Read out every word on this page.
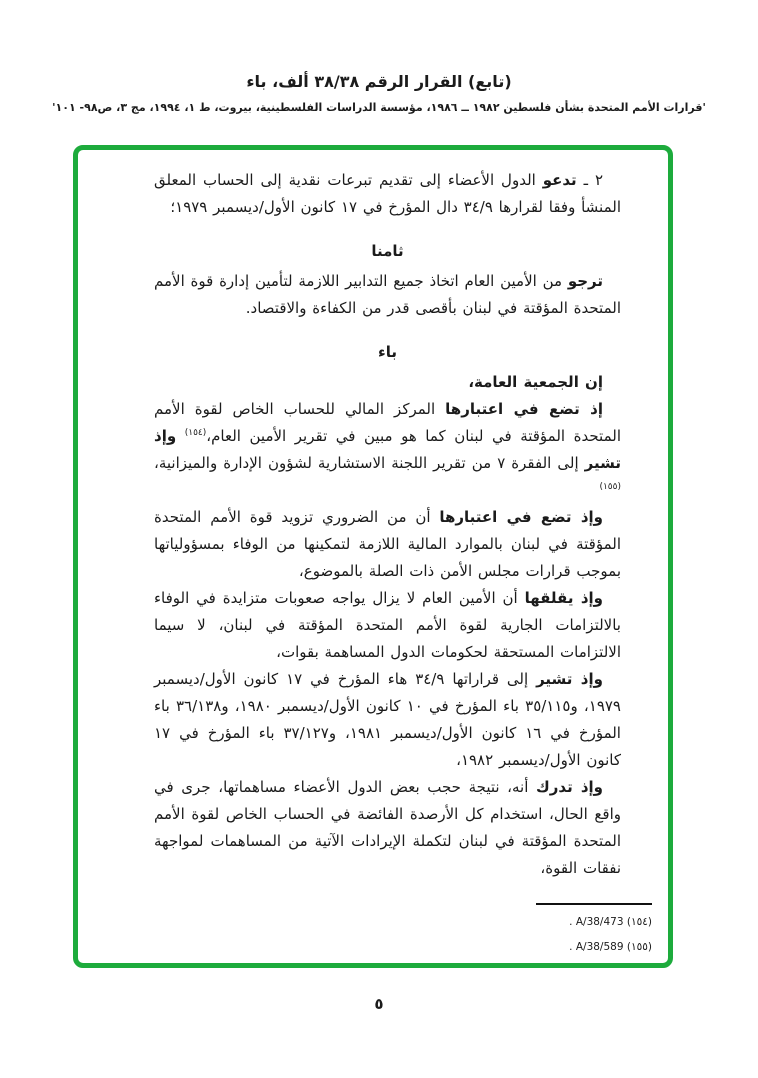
(تابع) القرار الرقم ٣٨/٣٨ ألف، باء
'قرارات الأمم المتحدة بشأن فلسطين ١٩٨٢ ــ ١٩٨٦، مؤسسة الدراسات الفلسطينية، بيروت، ط ١، ١٩٩٤، مج ٣، ص٩٨- ١٠١'

٢ ـ تدعو الدول الأعضاء إلى تقديم تبرعات نقدية إلى الحساب المعلق المنشأ وفقا لقرارها ٣٤/٩ دال المؤرخ في ١٧ كانون الأول/ديسمبر ١٩٧٩؛

ثامنا

ترجو من الأمين العام اتخاذ جميع التدابير اللازمة لتأمين إدارة قوة الأمم المتحدة المؤقتة في لبنان بأقصى قدر من الكفاءة والاقتصاد.

باء

إن الجمعية العامة،

إذ تضع في اعتبارها المركز المالي للحساب الخاص لقوة الأمم المتحدة المؤقتة في لبنان كما هو مبين في تقرير الأمين العام،$^{(١٥٤)}$ وإذ تشير إلى الفقرة ٧ من تقرير اللجنة الاستشارية لشؤون الإدارة والميزانية،$^{(١٥٥)}$

وإذ تضع في اعتبارها أن من الضروري تزويد قوة الأمم المتحدة المؤقتة في لبنان بالموارد المالية اللازمة لتمكينها من الوفاء بمسؤولياتها بموجب قرارات مجلس الأمن ذات الصلة بالموضوع،

وإذ يقلقها أن الأمين العام لا يزال يواجه صعوبات متزايدة في الوفاء بالالتزامات الجارية لقوة الأمم المتحدة المؤقتة في لبنان، لا سيما الالتزامات المستحقة لحكومات الدول المساهمة بقوات،

وإذ تشير إلى قراراتها ٣٤/٩ هاء المؤرخ في ١٧ كانون الأول/ديسمبر ١٩٧٩، و٣٥/١١٥ باء المؤرخ في ١٠ كانون الأول/ديسمبر ١٩٨٠، و٣٦/١٣٨ باء المؤرخ في ١٦ كانون الأول/ديسمبر ١٩٨١، و٣٧/١٢٧ باء المؤرخ في ١٧ كانون الأول/ديسمبر ١٩٨٢،

وإذ تدرك أنه، نتيجة حجب بعض الدول الأعضاء مساهماتها، جرى في واقع الحال، استخدام كل الأرصدة الفائضة في الحساب الخاص لقوة الأمم المتحدة المؤقتة في لبنان لتكملة الإيرادات الآتية من المساهمات لمواجهة نفقات القوة،

(١٥٤) A/38/473 .
(١٥٥) A/38/589 .
٥
